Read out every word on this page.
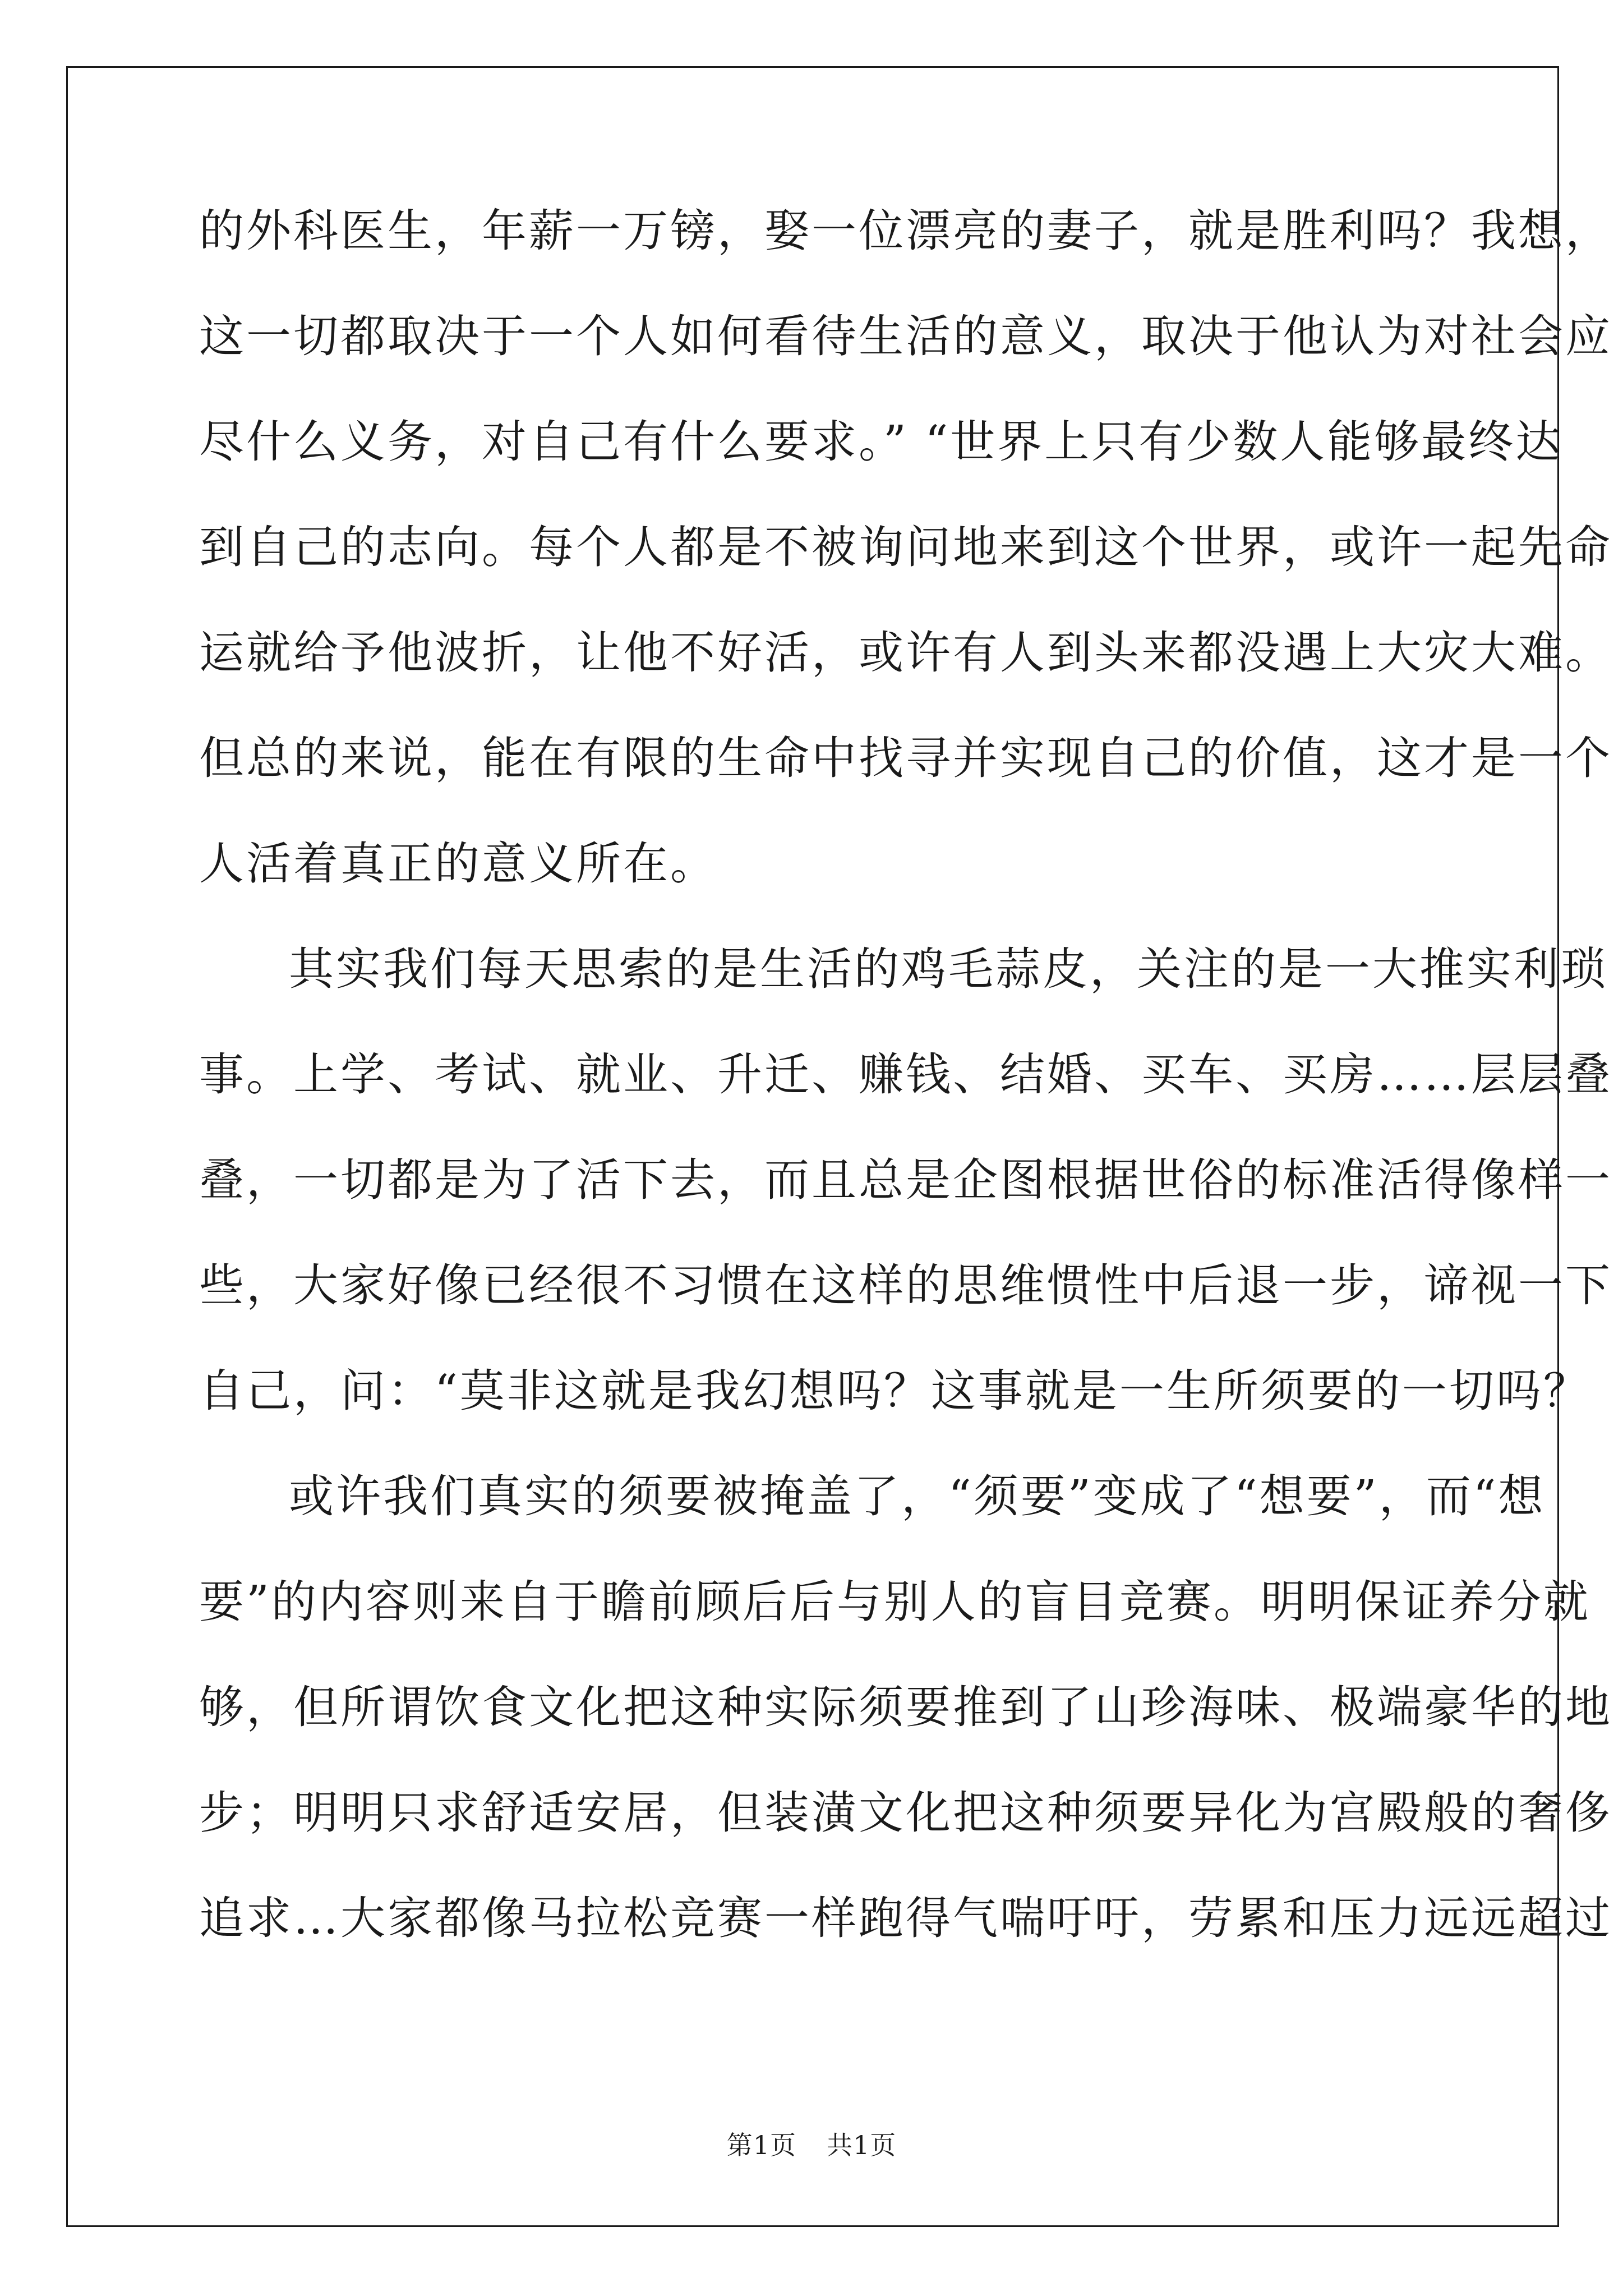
的外科医生，年薪一万镑，娶一位漂亮的妻子，就是胜利吗？我想，
这一切都取决于一个人如何看待生活的意义，取决于他认为对社会应
尽什么义务，对自己有什么要求。” “世界上只有少数人能够最终达
到自己的志向。每个人都是不被询问地来到这个世界，或许一起先命
运就给予他波折，让他不好活，或许有人到头来都没遇上大灾大难。
但总的来说，能在有限的生命中找寻并实现自己的价值，这才是一个
人活着真正的意义所在。
其实我们每天思索的是生活的鸡毛蒜皮，关注的是一大推实利琐
事。上学、考试、就业、升迁、赚钱、结婚、买车、买房……层层叠
叠，一切都是为了活下去，而且总是企图根据世俗的标准活得像样一
些，大家好像已经很不习惯在这样的思维惯性中后退一步，谛视一下
自己，问：“莫非这就是我幻想吗？这事就是一生所须要的一切吗？
或许我们真实的须要被掩盖了，“须要”变成了“想要”，而“想
要”的内容则来自于瞻前顾后后与别人的盲目竞赛。明明保证养分就
够，但所谓饮食文化把这种实际须要推到了山珍海味、极端豪华的地
步；明明只求舒适安居，但装潢文化把这种须要异化为宫殿般的奢侈
追求…大家都像马拉松竞赛一样跑得气喘吁吁，劳累和压力远远超过
第1页 共1页
